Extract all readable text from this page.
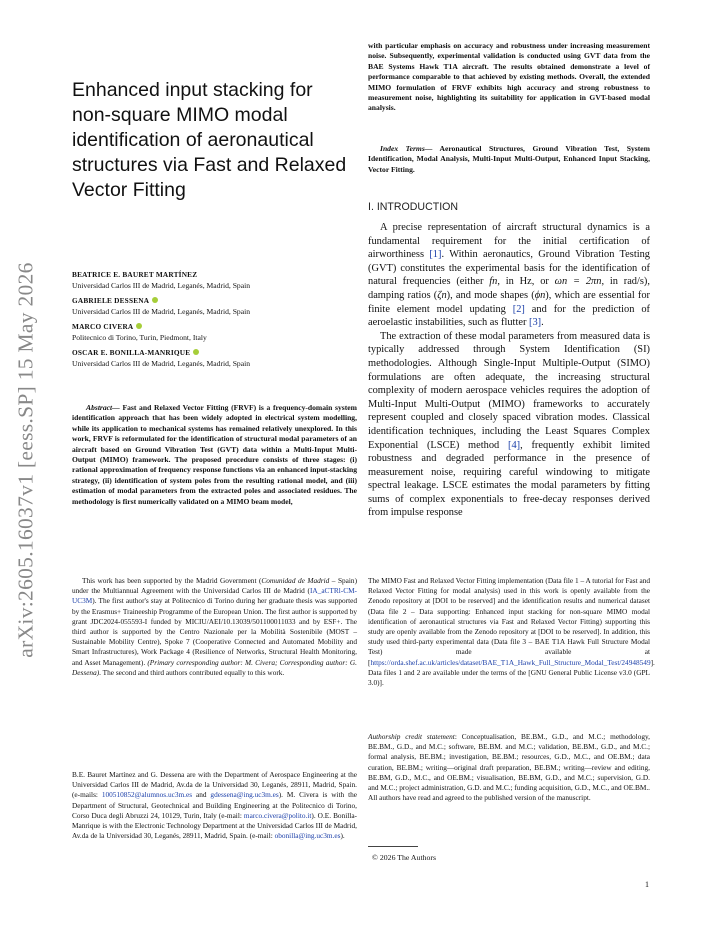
arXiv:2605.16037v1 [eess.SP] 15 May 2026
Enhanced input stacking for non-square MIMO modal identification of aeronautical structures via Fast and Relaxed Vector Fitting
BEATRICE E. BAURET MARTÍNEZ
Universidad Carlos III de Madrid, Leganés, Madrid, Spain
GABRIELE DESSENA
Universidad Carlos III de Madrid, Leganés, Madrid, Spain
MARCO CIVERA
Politecnico di Torino, Turin, Piedmont, Italy
OSCAR E. BONILLA-MANRIQUE
Universidad Carlos III de Madrid, Leganés, Madrid, Spain
Abstract— Fast and Relaxed Vector Fitting (FRVF) is a frequency-domain system identification approach that has been widely adopted in electrical system modelling, while its application to mechanical systems has remained relatively unexplored. In this work, FRVF is reformulated for the identification of structural modal parameters of an aircraft based on Ground Vibration Test (GVT) data within a Multi-Input Multi-Output (MIMO) framework. The proposed procedure consists of three stages: (i) rational approximation of frequency response functions via an enhanced input-stacking strategy, (ii) identification of system poles from the resulting rational model, and (iii) estimation of modal parameters from the extracted poles and associated residues. The methodology is first numerically validated on a MIMO beam model,
This work has been supported by the Madrid Government (Comunidad de Madrid – Spain) under the Multiannual Agreement with the Universidad Carlos III de Madrid (IA_aCTRl-CM-UC3M). The first author's stay at Politecnico di Torino during her graduate thesis was supported by the Erasmus+ Traineeship Programme of the European Union. The first author is supported by grant JDC2024-055593-I funded by MICIU/AEI/10.13039/501100011033 and by ESF+. The third author is supported by the Centro Nazionale per la Mobilità Sostenibile (MOST – Sustainable Mobility Centre), Spoke 7 (Cooperative Connected and Automated Mobility and Smart Infrastructures), Work Package 4 (Resilience of Networks, Structural Health Monitoring, and Asset Management). (Primary corresponding author: M. Civera; Corresponding author: G. Dessena). The second and third authors contributed equally to this work.
B.E. Bauret Martínez and G. Dessena are with the Department of Aerospace Engineering at the Universidad Carlos III de Madrid, Av.da de la Universidad 30, Leganés, 28911, Madrid, Spain. (e-mails: 100510852@alumnos.uc3m.es and gdessena@ing.uc3m.es). M. Civera is with the Department of Structural, Geotechnical and Building Engineering at the Politecnico di Torino, Corso Duca degli Abruzzi 24, 10129, Turin, Italy (e-mail: marco.civera@polito.it). O.E. Bonilla-Manrique is with the Electronic Technology Department at the Universidad Carlos III de Madrid, Av.da de la Universidad 30, Leganés, 28911, Madrid, Spain. (e-mail: obonilla@ing.uc3m.es).
with particular emphasis on accuracy and robustness under increasing measurement noise. Subsequently, experimental validation is conducted using GVT data from the BAE Systems Hawk T1A aircraft. The results obtained demonstrate a level of performance comparable to that achieved by existing methods. Overall, the extended MIMO formulation of FRVF exhibits high accuracy and strong robustness to measurement noise, highlighting its suitability for application in GVT-based modal analysis.
Index Terms— Aeronautical Structures, Ground Vibration Test, System Identification, Modal Analysis, Multi-Input Multi-Output, Enhanced Input Stacking, Vector Fitting.
I. INTRODUCTION

A precise representation of aircraft structural dynamics is a fundamental requirement for the initial certification of airworthiness [1]. Within aeronautics, Ground Vibration Testing (GVT) constitutes the experimental basis for the identification of natural frequencies (either fn, in Hz, or ωn = 2πn, in rad/s), damping ratios (ζn), and mode shapes (ϕn), which are essential for finite element model updating [2] and for the prediction of aeroelastic instabilities, such as flutter [3].

The extraction of these modal parameters from measured data is typically addressed through System Identification (SI) methodologies. Although Single-Input Multiple-Output (SIMO) formulations are often adequate, the increasing structural complexity of modern aerospace vehicles requires the adoption of Multi-Input Multi-Output (MIMO) frameworks to accurately represent coupled and closely spaced vibration modes. Classical identification techniques, including the Least Squares Complex Exponential (LSCE) method [4], frequently exhibit limited robustness and degraded performance in the presence of measurement noise, requiring careful windowing to mitigate spectral leakage. LSCE estimates the modal parameters by fitting sums of complex exponentials to free-decay responses derived from impulse response

The MIMO Fast and Relaxed Vector Fitting implementation (Data file 1 – A tutorial for Fast and Relaxed Vector Fitting for modal analysis) used in this work is openly available from the Zenodo repository at [DOI to be reserved] and the identification results and numerical dataset (Data file 2 – Data supporting: Enhanced input stacking for non-square MIMO modal identification of aeronautical structures via Fast and Relaxed Vector Fitting) supporting this study are openly available from the Zenodo repository at [DOI to be reserved]. In addition, this study used third-party experimental data (Data file 3 – BAE T1A Hawk Full Structure Modal Test) made available at [https://orda.shef.ac.uk/articles/dataset/BAE_T1A_Hawk_Full_Structure_Modal_Test/24948549]. Data files 1 and 2 are available under the terms of the [GNU General Public License v3.0 (GPL 3.0)].
Authorship credit statement: Conceptualisation, BE.BM., G.D., and M.C.; methodology, BE.BM., G.D., and M.C.; software, BE.BM. and M.C.; validation, BE.BM., G.D., and M.C.; formal analysis, BE.BM.; investigation, BE.BM.; resources, G.D., M.C., and OE.BM.; data curation, BE.BM.; writing—original draft preparation, BE.BM.; writing—review and editing, BE.BM, G.D., M.C., and OE.BM.; visualisation, BE.BM, G.D., and M.C.; supervision, G.D. and M.C.; project administration, G.D. and M.C.; funding acquisition, G.D., M.C., and OE.BM.. All authors have read and agreed to the published version of the manuscript.
© 2026 The Authors
1
